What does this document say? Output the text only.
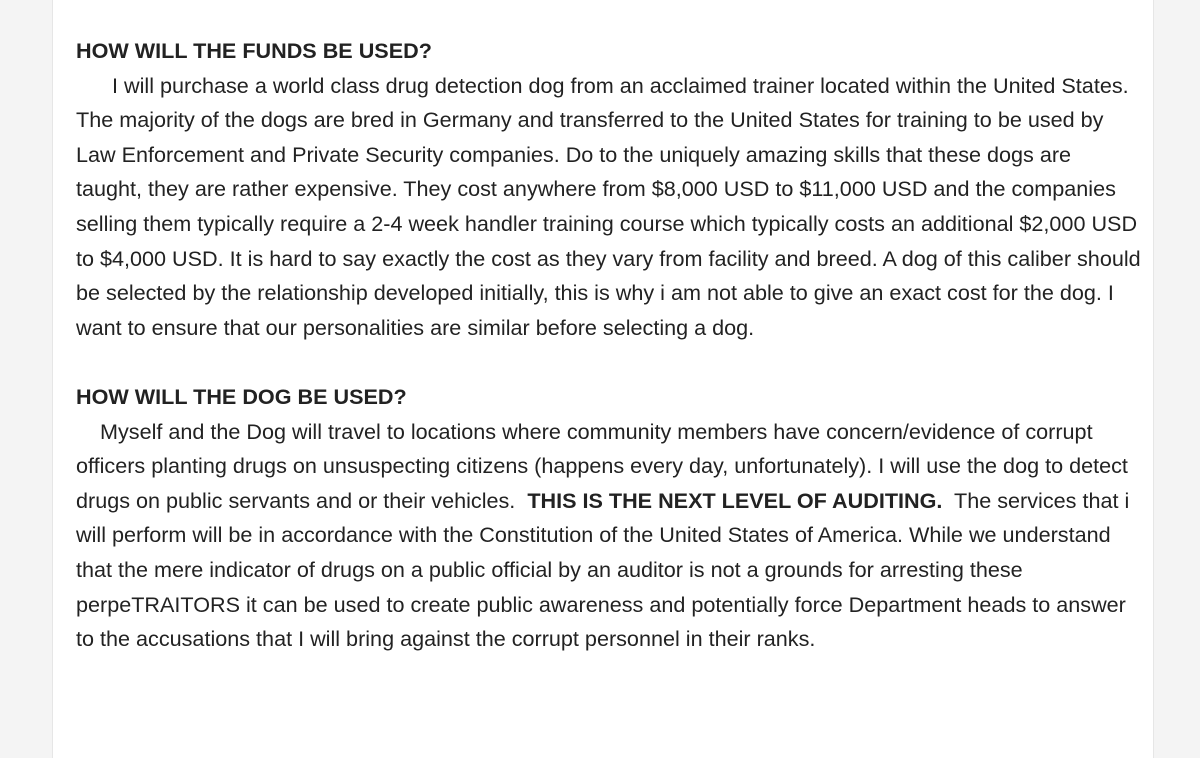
HOW WILL THE FUNDS BE USED?

I will purchase a world class drug detection dog from an acclaimed trainer located within the United States. The majority of the dogs are bred in Germany and transferred to the United States for training to be used by Law Enforcement and Private Security companies. Do to the uniquely amazing skills that these dogs are taught, they are rather expensive. They cost anywhere from $8,000 USD to $11,000 USD and the companies selling them typically require a 2-4 week handler training course which typically costs an additional $2,000 USD to $4,000 USD. It is hard to say exactly the cost as they vary from facility and breed. A dog of this caliber should be selected by the relationship developed initially, this is why i am not able to give an exact cost for the dog. I want to ensure that our personalities are similar before selecting a dog.

HOW WILL THE DOG BE USED?

Myself and the Dog will travel to locations where community members have concern/evidence of corrupt officers planting drugs on unsuspecting citizens (happens every day, unfortunately). I will use the dog to detect drugs on public servants and or their vehicles.  THIS IS THE NEXT LEVEL OF AUDITING.  The services that i will perform will be in accordance with the Constitution of the United States of America. While we understand that the mere indicator of drugs on a public official by an auditor is not a grounds for arresting these perpeTRAITORS it can be used to create public awareness and potentially force Department heads to answer to the accusations that I will bring against the corrupt personnel in their ranks.
